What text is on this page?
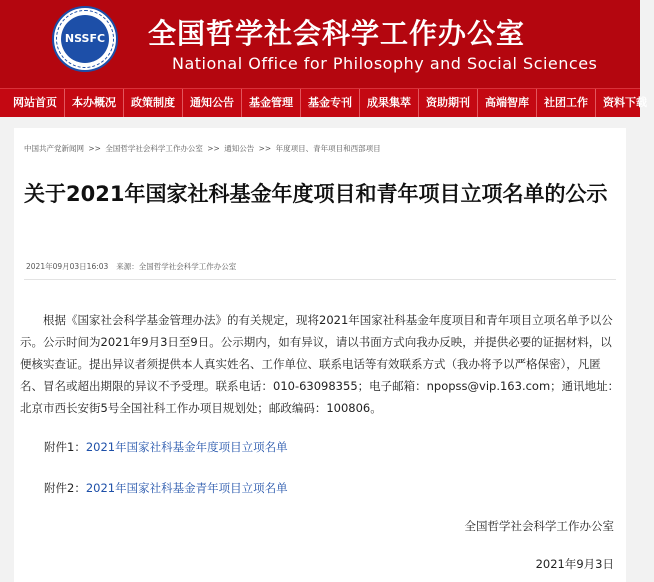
NSSFC 全国哲学社会科学工作办公室
National Office for Philosophy and Social Sciences
网站首页	本办概况	政策制度	通知公告	基金管理	基金专刊	成果集萃	资助期刊	高端智库	社团工作	资料下载
中国共产党新闻网 >> 全国哲学社会科学工作办公室 >> 通知公告 >> 年度项目、青年项目和西部项目
关于2021年国家社科基金年度项目和青年项目立项名单的公示
2021年09月03日16:03 来源：全国哲学社会科学工作办公室

根据《国家社会科学基金管理办法》的有关规定，现将2021年国家社科基金年度项目和青年项目立项名单予以公示。公示时间为2021年9月3日至9日。公示期内，如有异议，请以书面方式向我办反映，并提供必要的证据材料，以便核实查证。提出异议者须提供本人真实姓名、工作单位、联系电话等有效联系方式（我办将予以严格保密），凡匿名、冒名或超出期限的异议不予受理。联系电话：010-63098355；电子邮箱：npopss@vip.163.com；通讯地址：北京市西长安街5号全国社科工作办项目规划处；邮政编码：100806。

附件1：2021年国家社科基金年度项目立项名单
附件2：2021年国家社科基金青年项目立项名单
全国哲学社会科学工作办公室
2021年9月3日
